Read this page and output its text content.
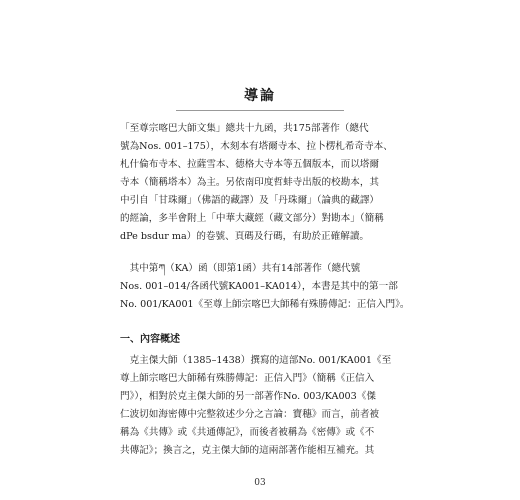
導論
「至尊宗喀巴大師文集」總共十九函，共175部著作（總代
號為Nos. 001–175），木刻本有塔爾寺本、拉卜楞札希奇寺本、
札什倫布寺本、拉薩雪本、德格大寺本等五個版本，而以塔爾
寺本（簡稱塔本）為主。另依南印度哲蚌寺出版的校勘本，其
中引自「甘珠爾」（佛語的藏譯）及「丹珠爾」（論典的藏譯）
的經論，多半會附上「中華大藏經（藏文部分）對勘本」（簡稱
dPe bsdur ma）的卷號、頁碼及行碼，有助於正確解讀。
　其中第ཀ（KA）函（即第1函）共有14部著作（總代號
Nos. 001–014/各函代號KA001–KA014），本書是其中的第一部
No. 001/KA001《至尊上師宗喀巴大師稀有殊勝傳記：正信入門》。
一、內容概述
　克主傑大師（1385–1438）撰寫的這部No. 001/KA001《至
尊上師宗喀巴大師稀有殊勝傳記：正信入門》（簡稱《正信入
門》），相對於克主傑大師的另一部著作No. 003/KA003《傑
仁波切如海密傳中完整敘述少分之言論：寶穗》而言，前者被
稱為《共傳》或《共通傳記》，而後者被稱為《密傳》或《不
共傳記》；換言之，克主傑大師的這兩部著作能相互補充。其
03
